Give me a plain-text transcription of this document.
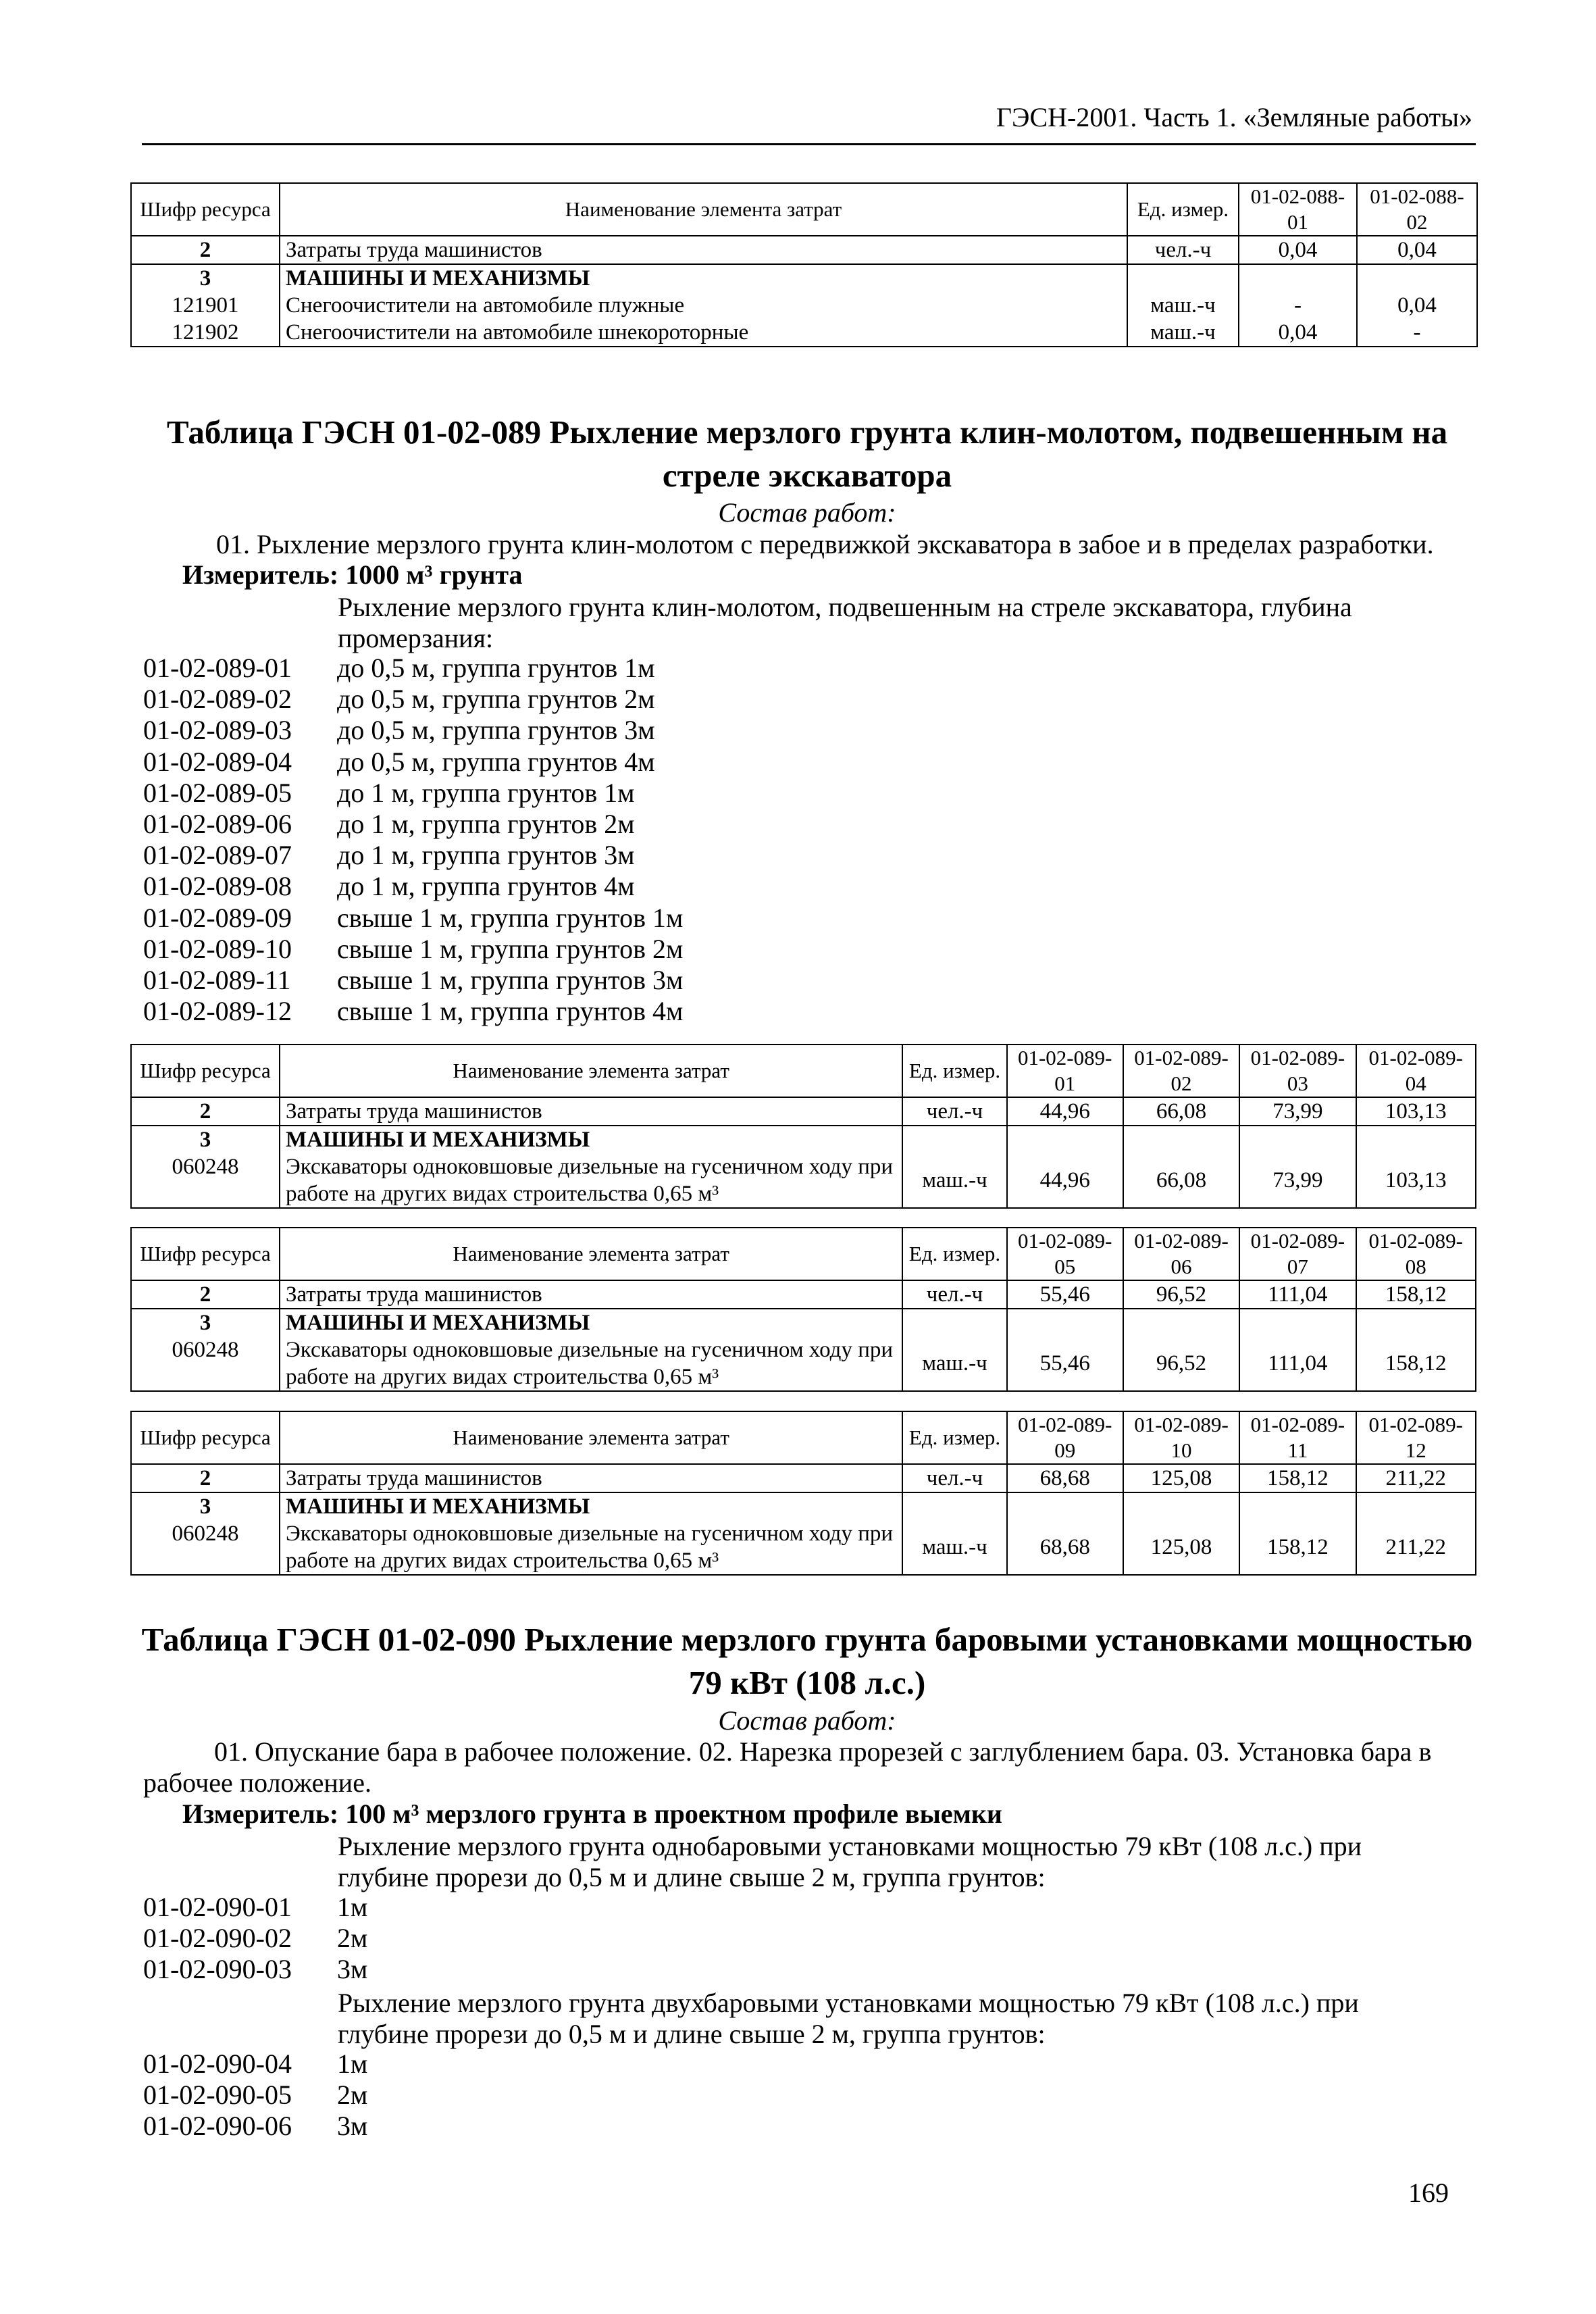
ГЭСН-2001. Часть 1. «Земляные работы»
Шифр ресурса	Наименование элемента затрат	Ед. измер.	01-02-088-01	01-02-088-02
2	Затраты труда машинистов	чел.-ч	0,04	0,04
3	МАШИНЫ И МЕХАНИЗМЫ			
121901	Снегоочистители на автомобиле плужные	маш.-ч	-	0,04
121902	Снегоочистители на автомобиле шнекороторные	маш.-ч	0,04	-
Таблица ГЭСН 01-02-089 Рыхление мерзлого грунта клин-молотом, подвешенным на стреле экскаватора
Состав работ:
01. Рыхление мерзлого грунта клин-молотом с передвижкой экскаватора в забое и в пределах разработки.
Измеритель: 1000 м³ грунта
Рыхление мерзлого грунта клин-молотом, подвешенным на стреле экскаватора, глубина промерзания:
01-02-089-01	до 0,5 м, группа грунтов 1м
01-02-089-02	до 0,5 м, группа грунтов 2м
01-02-089-03	до 0,5 м, группа грунтов 3м
01-02-089-04	до 0,5 м, группа грунтов 4м
01-02-089-05	до 1 м, группа грунтов 1м
01-02-089-06	до 1 м, группа грунтов 2м
01-02-089-07	до 1 м, группа грунтов 3м
01-02-089-08	до 1 м, группа грунтов 4м
01-02-089-09	свыше 1 м, группа грунтов 1м
01-02-089-10	свыше 1 м, группа грунтов 2м
01-02-089-11	свыше 1 м, группа грунтов 3м
01-02-089-12	свыше 1 м, группа грунтов 4м
Шифр ресурса	Наименование элемента затрат	Ед. измер.	01-02-089-01	01-02-089-02	01-02-089-03	01-02-089-04
2	Затраты труда машинистов	чел.-ч	44,96	66,08	73,99	103,13
3	МАШИНЫ И МЕХАНИЗМЫ					
060248	Экскаваторы одноковшовые дизельные на гусеничном ходу при работе на других видах строительства 0,65 м³	маш.-ч	44,96	66,08	73,99	103,13
Шифр ресурса	Наименование элемента затрат	Ед. измер.	01-02-089-05	01-02-089-06	01-02-089-07	01-02-089-08
2	Затраты труда машинистов	чел.-ч	55,46	96,52	111,04	158,12
3	МАШИНЫ И МЕХАНИЗМЫ					
060248	Экскаваторы одноковшовые дизельные на гусеничном ходу при работе на других видах строительства 0,65 м³	маш.-ч	55,46	96,52	111,04	158,12
Шифр ресурса	Наименование элемента затрат	Ед. измер.	01-02-089-09	01-02-089-10	01-02-089-11	01-02-089-12
2	Затраты труда машинистов	чел.-ч	68,68	125,08	158,12	211,22
3	МАШИНЫ И МЕХАНИЗМЫ					
060248	Экскаваторы одноковшовые дизельные на гусеничном ходу при работе на других видах строительства 0,65 м³	маш.-ч	68,68	125,08	158,12	211,22
Таблица ГЭСН 01-02-090 Рыхление мерзлого грунта баровыми установками мощностью 79 кВт (108 л.с.)
Состав работ:
01. Опускание бара в рабочее положение. 02. Нарезка прорезей с заглублением бара. 03. Установка бара в рабочее положение.
Измеритель: 100 м³ мерзлого грунта в проектном профиле выемки
Рыхление мерзлого грунта однобаровыми установками мощностью 79 кВт (108 л.с.) при глубине прорези до 0,5 м и длине свыше 2 м, группа грунтов:
01-02-090-01	1м
01-02-090-02	2м
01-02-090-03	3м
Рыхление мерзлого грунта двухбаровыми установками мощностью 79 кВт (108 л.с.) при глубине прорези до 0,5 м и длине свыше 2 м, группа грунтов:
01-02-090-04	1м
01-02-090-05	2м
01-02-090-06	3м
169
